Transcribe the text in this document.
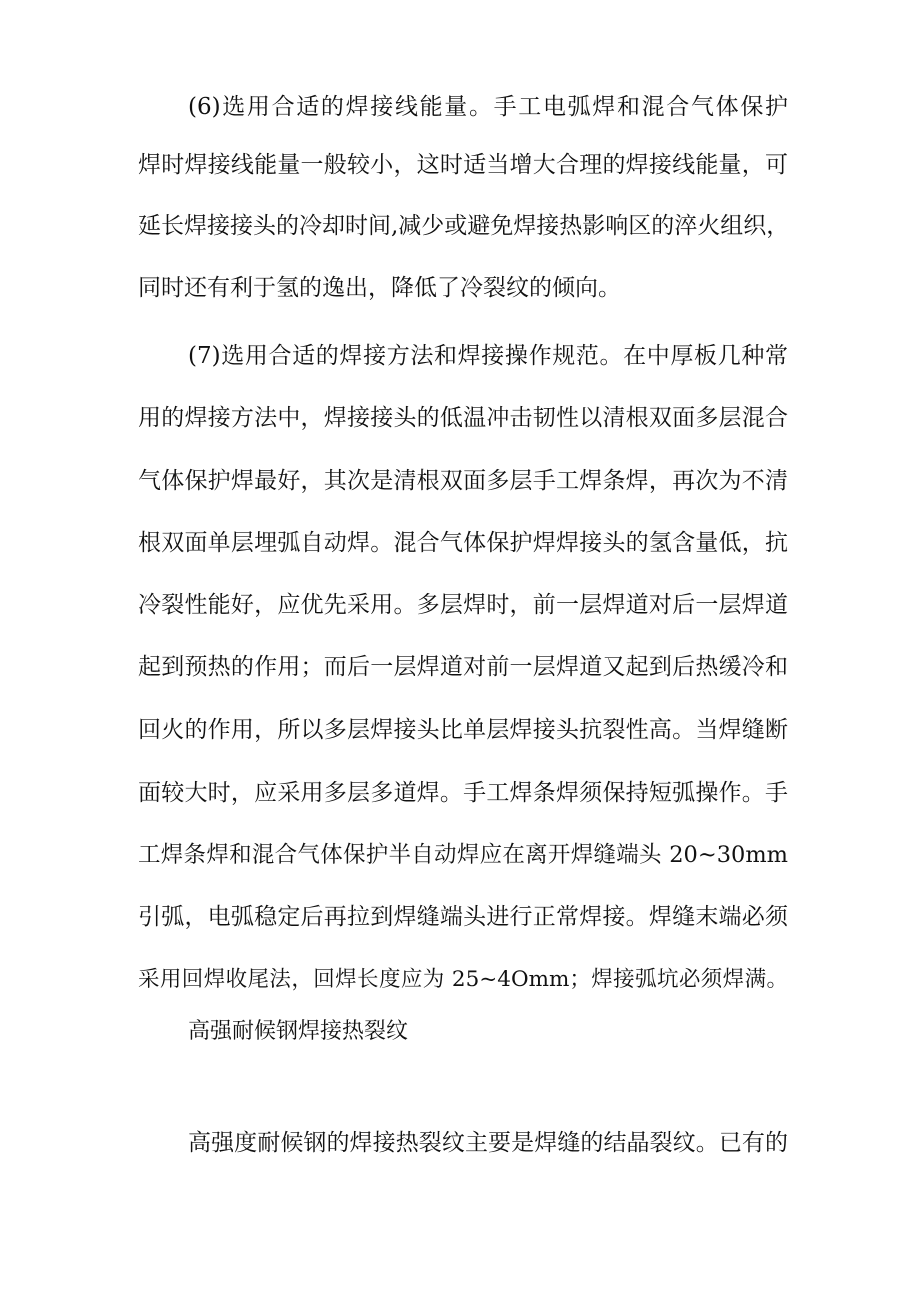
(6)选用合适的焊接线能量。手工电弧焊和混合气体保护
焊时焊接线能量一般较小，这时适当增大合理的焊接线能量，可
延长焊接接头的冷却时间,减少或避免焊接热影响区的淬火组织，
同时还有利于氢的逸出，降低了冷裂纹的倾向。
(7)选用合适的焊接方法和焊接操作规范。在中厚板几种常
用的焊接方法中，焊接接头的低温冲击韧性以清根双面多层混合
气体保护焊最好，其次是清根双面多层手工焊条焊，再次为不清
根双面单层埋弧自动焊。混合气体保护焊焊接头的氢含量低，抗
冷裂性能好，应优先采用。多层焊时，前一层焊道对后一层焊道
起到预热的作用；而后一层焊道对前一层焊道又起到后热缓冷和
回火的作用，所以多层焊接头比单层焊接头抗裂性高。当焊缝断
面较大时，应采用多层多道焊。手工焊条焊须保持短弧操作。手
工焊条焊和混合气体保护半自动焊应在离开焊缝端头 20~30mm
引弧，电弧稳定后再拉到焊缝端头进行正常焊接。焊缝末端必须
采用回焊收尾法，回焊长度应为 25~4Omm；焊接弧坑必须焊满。
高强耐候钢焊接热裂纹
高强度耐候钢的焊接热裂纹主要是焊缝的结晶裂纹。已有的
